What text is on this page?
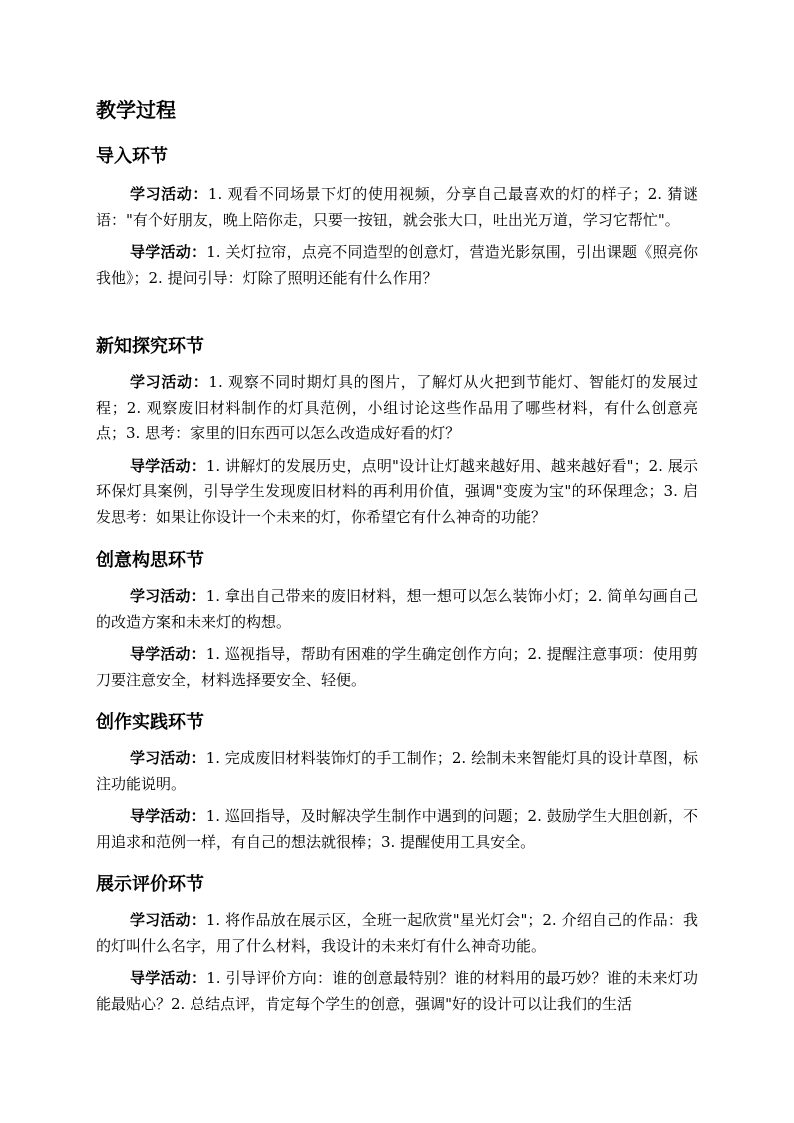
教学过程
导入环节

学习活动：1. 观看不同场景下灯的使用视频，分享自己最喜欢的灯的样子；2. 猜谜语："有个好朋友，晚上陪你走，只要一按钮，就会张大口，吐出光万道，学习它帮忙"。

导学活动：1. 关灯拉帘，点亮不同造型的创意灯，营造光影氛围，引出课题《照亮你我他》；2. 提问引导：灯除了照明还能有什么作用？

新知探究环节

学习活动：1. 观察不同时期灯具的图片，了解灯从火把到节能灯、智能灯的发展过程；2. 观察废旧材料制作的灯具范例，小组讨论这些作品用了哪些材料，有什么创意亮点；3. 思考：家里的旧东西可以怎么改造成好看的灯？

导学活动：1. 讲解灯的发展历史，点明"设计让灯越来越好用、越来越好看"；2. 展示环保灯具案例，引导学生发现废旧材料的再利用价值，强调"变废为宝"的环保理念；3. 启发思考：如果让你设计一个未来的灯，你希望它有什么神奇的功能？

创意构思环节

学习活动：1. 拿出自己带来的废旧材料，想一想可以怎么装饰小灯；2. 简单勾画自己的改造方案和未来灯的构想。

导学活动：1. 巡视指导，帮助有困难的学生确定创作方向；2. 提醒注意事项：使用剪刀要注意安全，材料选择要安全、轻便。

创作实践环节

学习活动：1. 完成废旧材料装饰灯的手工制作；2. 绘制未来智能灯具的设计草图，标注功能说明。

导学活动：1. 巡回指导，及时解决学生制作中遇到的问题；2. 鼓励学生大胆创新，不用追求和范例一样，有自己的想法就很棒；3. 提醒使用工具安全。

展示评价环节

学习活动：1. 将作品放在展示区，全班一起欣赏"星光灯会"；2. 介绍自己的作品：我的灯叫什么名字，用了什么材料，我设计的未来灯有什么神奇功能。

导学活动：1. 引导评价方向：谁的创意最特别？谁的材料用的最巧妙？谁的未来灯功能最贴心？2. 总结点评，肯定每个学生的创意，强调"好的设计可以让我们的生活
